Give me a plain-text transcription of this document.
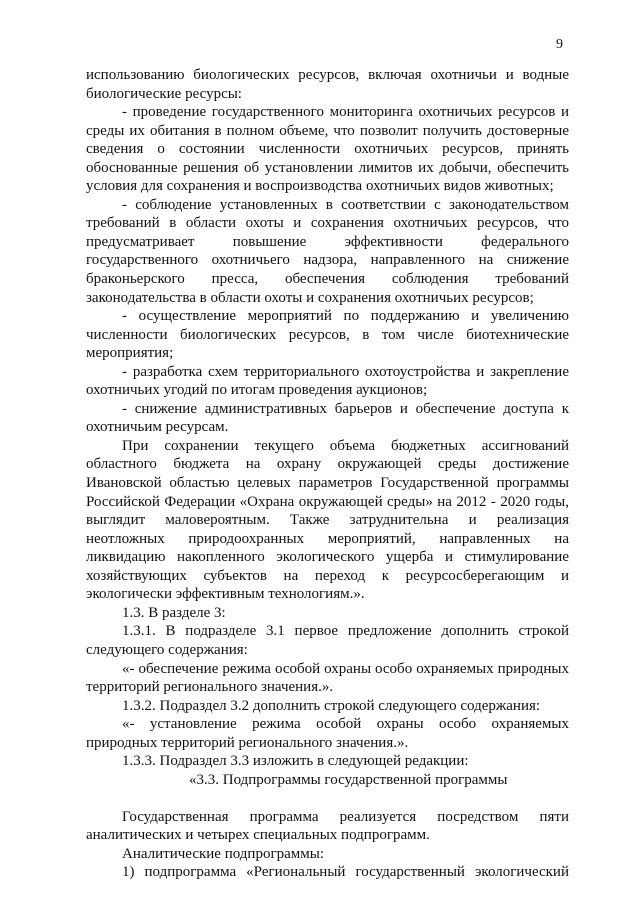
9

использованию биологических ресурсов, включая охотничьи и водные биологические ресурсы:

- проведение государственного мониторинга охотничьих ресурсов и среды их обитания в полном объеме, что позволит получить достоверные сведения о состоянии численности охотничьих ресурсов, принять обоснованные решения об установлении лимитов их добычи, обеспечить условия для сохранения и воспроизводства охотничьих видов животных;

- соблюдение установленных в соответствии с законодательством требований в области охоты и сохранения охотничьих ресурсов, что предусматривает повышение эффективности федерального государственного охотничьего надзора, направленного на снижение браконьерского пресса, обеспечения соблюдения требований законодательства в области охоты и сохранения охотничьих ресурсов;

- осуществление мероприятий по поддержанию и увеличению численности биологических ресурсов, в том числе биотехнические мероприятия;

- разработка схем территориального охотоустройства и закрепление охотничьих угодий по итогам проведения аукционов;

- снижение административных барьеров и обеспечение доступа к охотничьим ресурсам.

При сохранении текущего объема бюджетных ассигнований областного бюджета на охрану окружающей среды достижение Ивановской областью целевых параметров Государственной программы Российской Федерации «Охрана окружающей среды» на 2012 - 2020 годы, выглядит маловероятным. Также затруднительна и реализация неотложных природоохранных мероприятий, направленных на ликвидацию накопленного экологического ущерба и стимулирование хозяйствующих субъектов на переход к ресурсосберегающим и экологически эффективным технологиям.».

1.3. В разделе 3:

1.3.1. В подразделе 3.1 первое предложение дополнить строкой следующего содержания:

«- обеспечение режима особой охраны особо охраняемых природных территорий регионального значения.».

1.3.2. Подраздел 3.2 дополнить строкой следующего содержания:

«- установление режима особой охраны особо охраняемых природных территорий регионального значения.».

1.3.3. Подраздел 3.3 изложить в следующей редакции:

«3.3. Подпрограммы государственной программы

Государственная программа реализуется посредством пяти аналитических и четырех специальных подпрограмм.

Аналитические подпрограммы:

1) подпрограмма «Региональный государственный экологический
